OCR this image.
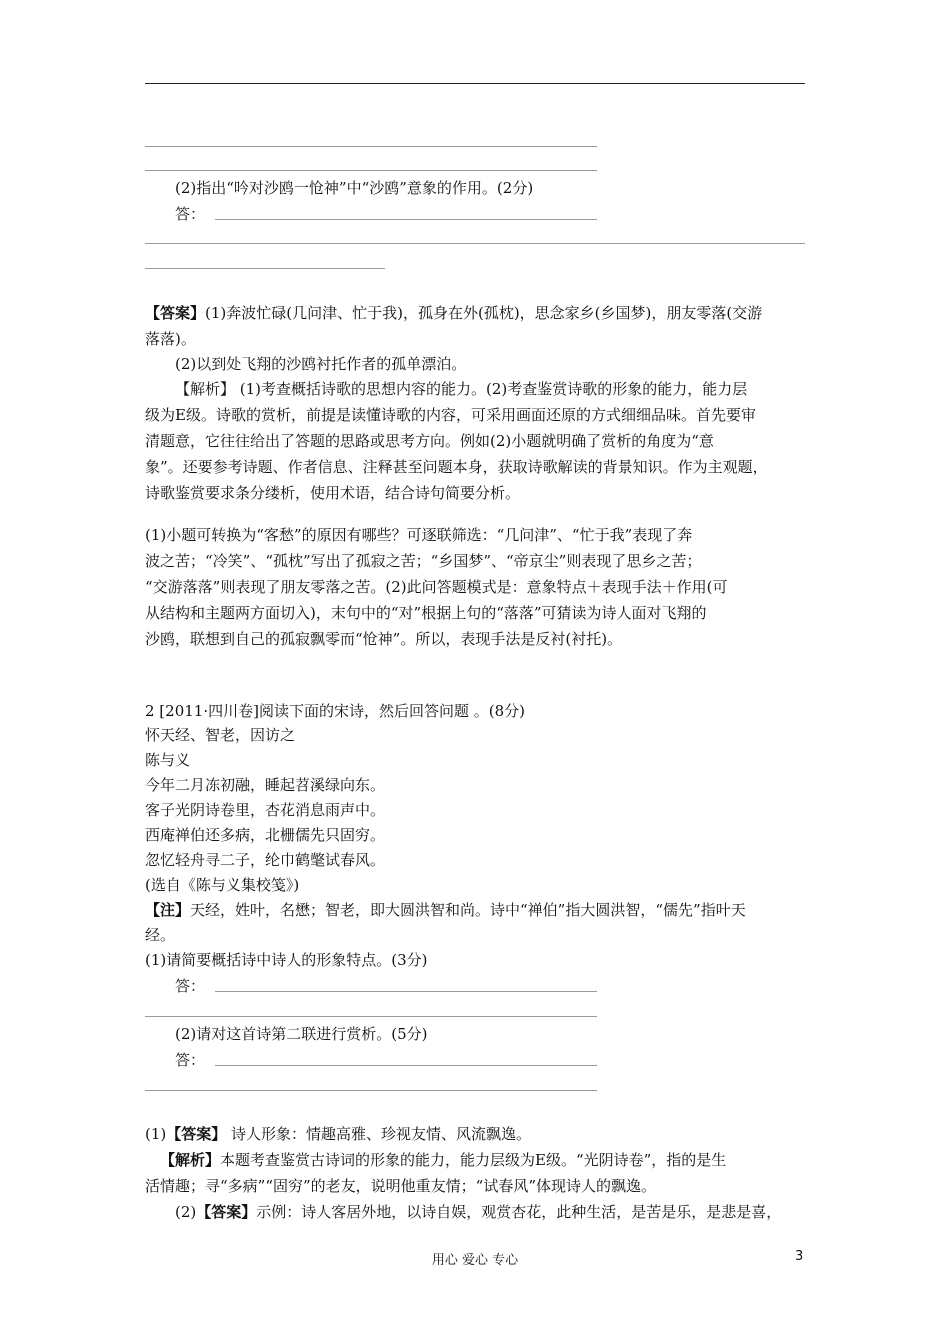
(2)指出“吟对沙鸥一怆神”中“沙鸥”意象的作用。(2分)
答：
【答案】(1)奔波忙碌(几问津、忙于我)，孤身在外(孤枕)，思念家乡(乡国梦)，朋友零落(交游
落落)。
(2)以到处飞翔的沙鸥衬托作者的孤单漂泊。
【解析】 (1)考查概括诗歌的思想内容的能力。(2)考查鉴赏诗歌的形象的能力，能力层
级为E级。诗歌的赏析，前提是读懂诗歌的内容，可采用画面还原的方式细细品味。首先要审
清题意，它往往给出了答题的思路或思考方向。例如(2)小题就明确了赏析的角度为“意
象”。还要参考诗题、作者信息、注释甚至问题本身，获取诗歌解读的背景知识。作为主观题，
诗歌鉴赏要求条分缕析，使用术语，结合诗句简要分析。
(1)小题可转换为“客愁”的原因有哪些？可逐联筛选：“几问津”、“忙于我”表现了奔
波之苦；“冷笑”、“孤枕”写出了孤寂之苦；“乡国梦”、“帝京尘”则表现了思乡之苦；
“交游落落”则表现了朋友零落之苦。(2)此问答题模式是：意象特点＋表现手法＋作用(可
从结构和主题两方面切入)，末句中的“对”根据上句的“落落”可猜读为诗人面对飞翔的
沙鸥，联想到自己的孤寂飘零而“怆神”。所以，表现手法是反衬(衬托)。
2 [2011·四川卷]阅读下面的宋诗，然后回答问题 。(8分)
怀天经、智老，因访之
陈与义
今年二月冻初融，睡起苕溪绿向东。
客子光阴诗卷里，杏花消息雨声中。
西庵禅伯还多病，北栅儒先只固穷。
忽忆轻舟寻二子，纶巾鹤氅试春风。
(选自《陈与义集校笺》)
【注】天经，姓叶，名懋；智老，即大圆洪智和尚。诗中“禅伯”指大圆洪智，“儒先”指叶天
经。
(1)请简要概括诗中诗人的形象特点。(3分)
答：
(2)请对这首诗第二联进行赏析。(5分)
答：
(1)【答案】 诗人形象：情趣高雅、珍视友情、风流飘逸。
【解析】本题考查鉴赏古诗词的形象的能力，能力层级为E级。“光阴诗卷”，指的是生
活情趣；寻“多病”“固穷”的老友，说明他重友情；“试春风”体现诗人的飘逸。
(2)【答案】示例：诗人客居外地，以诗自娱，观赏杏花，此种生活，是苦是乐，是悲是喜，
用心 爱心 专心	3
